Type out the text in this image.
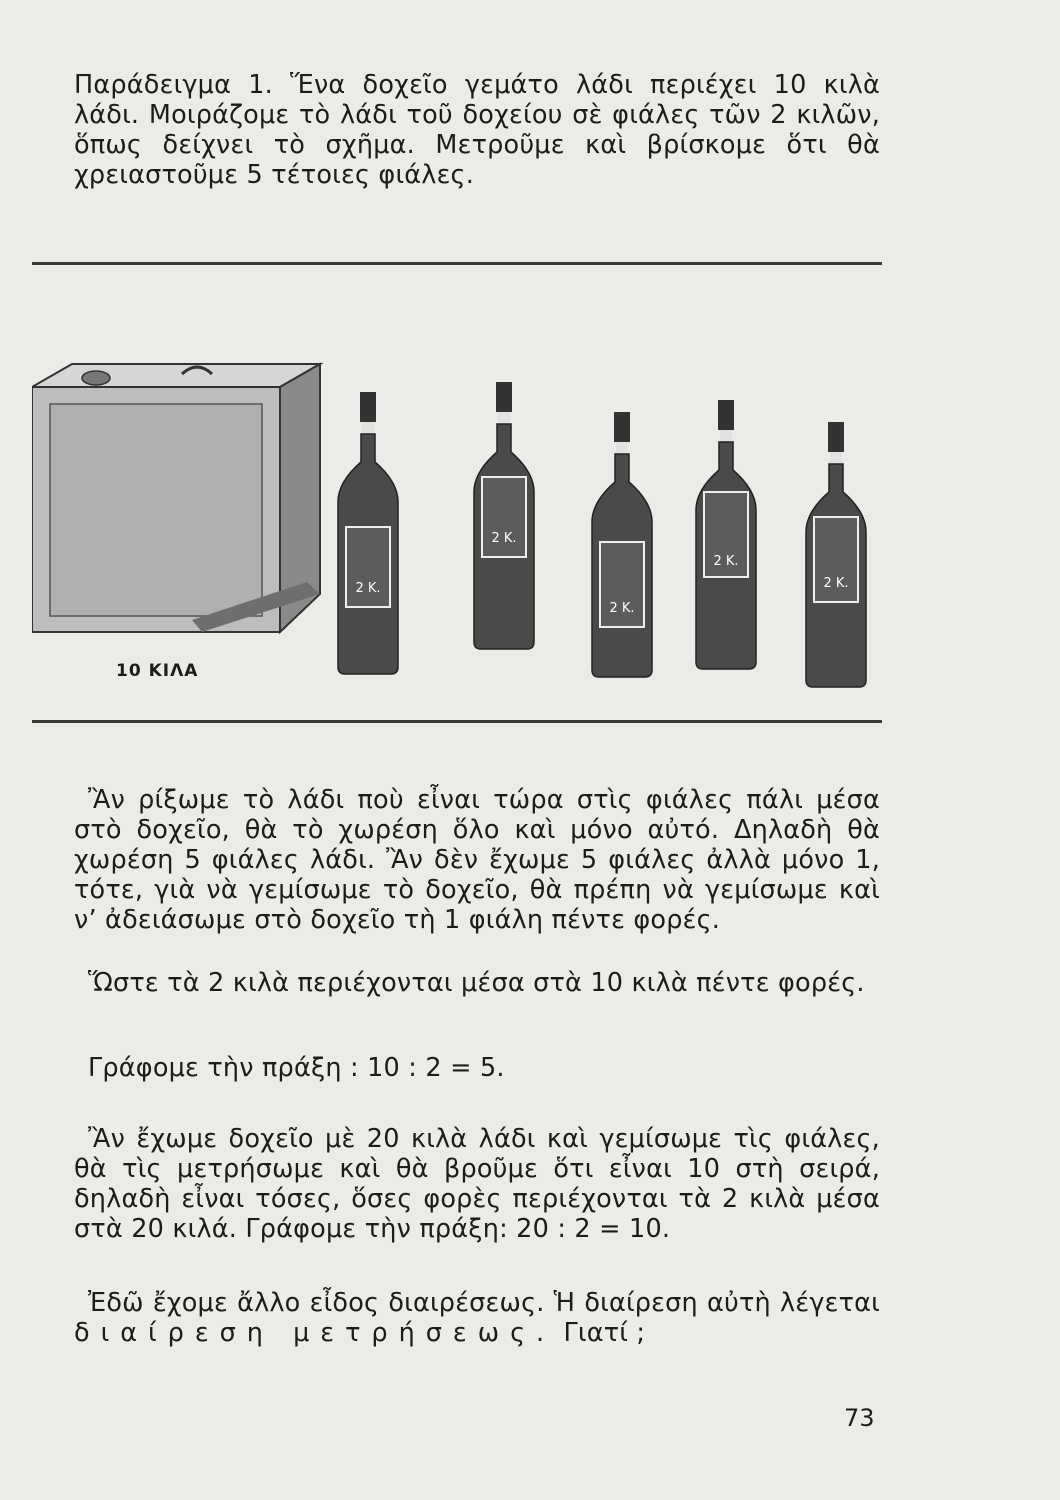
Παράδειγμα 1. Ἕνα δοχεῖο γεμάτο λάδι περιέχει 10 κιλὰ λάδι. Μοιράζομε τὸ λάδι τοῦ δοχείου σὲ φιάλες τῶν 2 κιλῶν, ὅπως δείχνει τὸ σχῆμα. Μετροῦμε καὶ βρίσκομε ὅτι θὰ χρειαστοῦμε 5 τέτοιες φιάλες.

2 Κ.
2 Κ.
2 Κ.
2 Κ.
2 Κ.
10 ΚΙΛΑ

Ἂν ρίξωμε τὸ λάδι ποὺ εἶναι τώρα στὶς φιάλες πάλι μέσα στὸ δοχεῖο, θὰ τὸ χωρέση ὅλο καὶ μόνο αὐτό. Δηλαδὴ θὰ χωρέση 5 φιάλες λάδι. Ἂν δὲν ἔχωμε 5 φιάλες ἀλλὰ μόνο 1, τότε, γιὰ νὰ γεμίσωμε τὸ δοχεῖο, θὰ πρέπη νὰ γεμίσωμε καὶ ν’ ἀδειάσωμε στὸ δοχεῖο τὴ 1 φιάλη πέντε φορές.

Ὥστε τὰ 2 κιλὰ περιέχονται μέσα στὰ 10 κιλὰ πέντε φορές.

Γράφομε τὴν πράξη : 10 : 2 = 5.

Ἂν ἔχωμε δοχεῖο μὲ 20 κιλὰ λάδι καὶ γεμίσωμε τὶς φιάλες, θὰ τὶς μετρήσωμε καὶ θὰ βροῦμε ὅτι εἶναι 10 στὴ σειρά, δηλαδὴ εἶναι τόσες, ὅσες φορὲς περιέχονται τὰ 2 κιλὰ μέσα στὰ 20 κιλά. Γράφομε τὴν πράξη: 20 : 2 = 10.

Ἐδῶ ἔχομε ἄλλο εἶδος διαιρέσεως. Ἡ διαίρεση αὐτὴ λέγεται διαίρεση μετρήσεως. Γιατί ;

73
